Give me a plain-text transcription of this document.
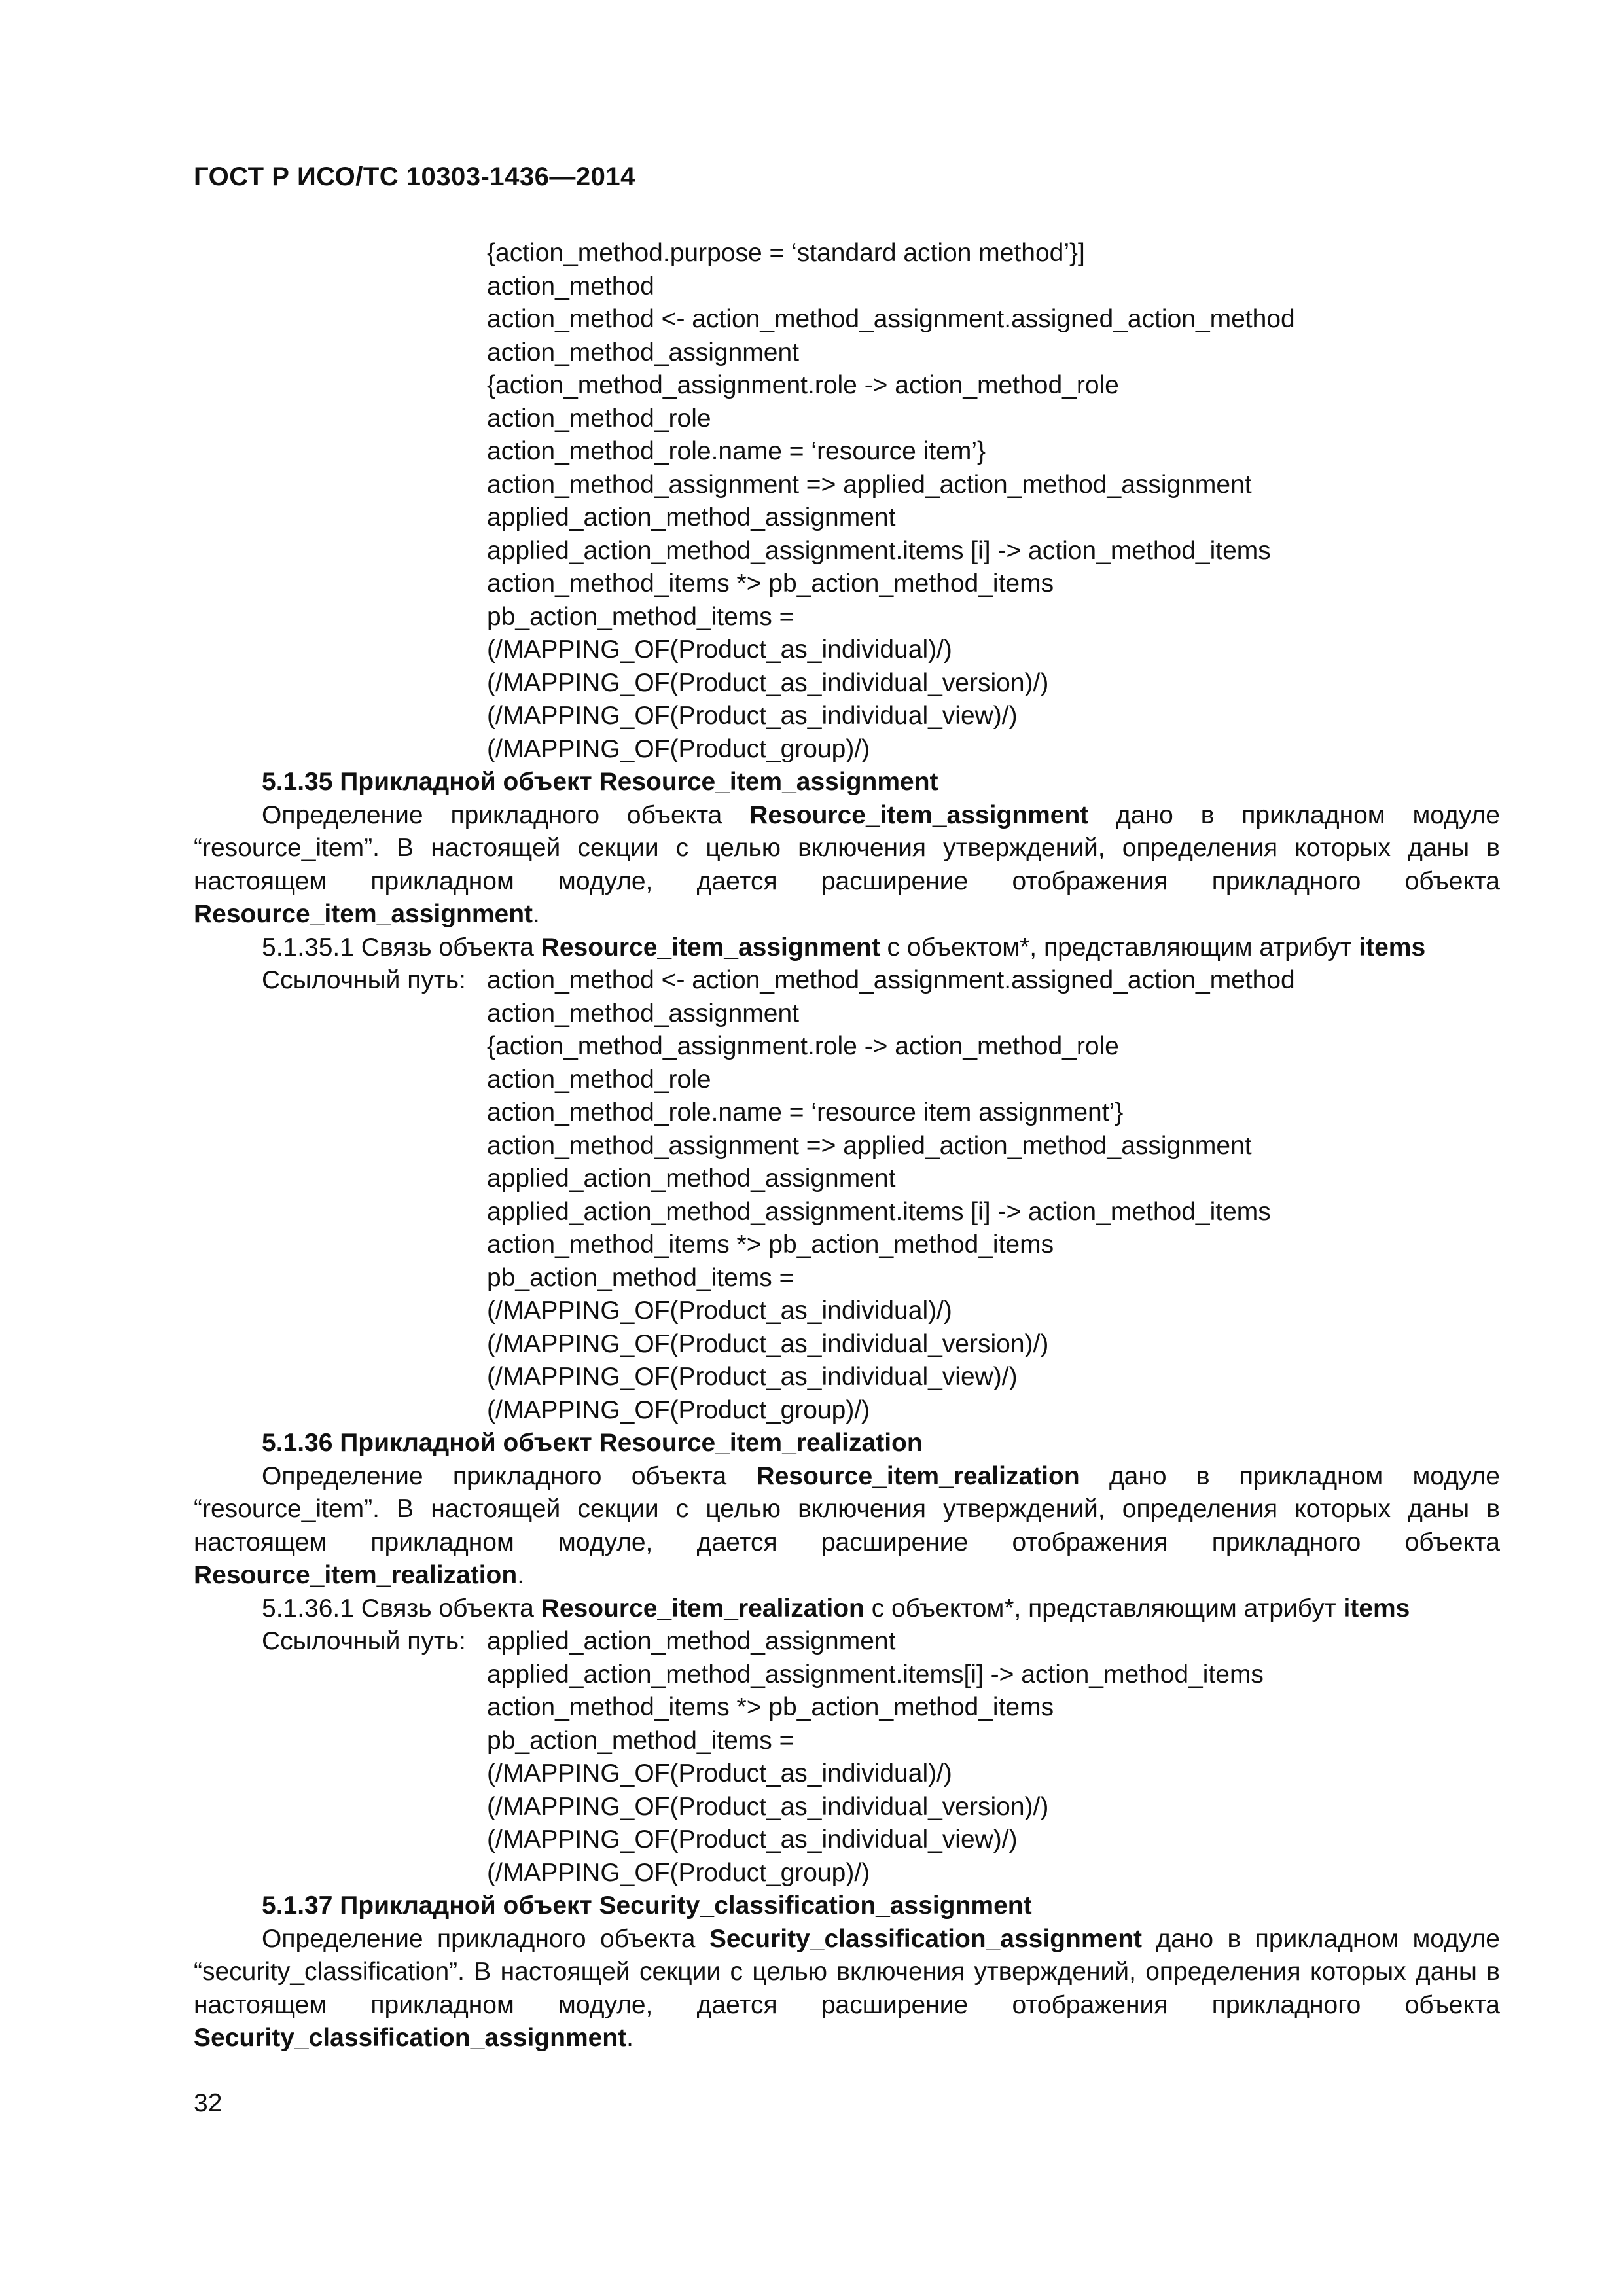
ГОСТ Р ИСО/ТС 10303-1436—2014
{action_method.purpose = ‘standard action method’}]
action_method
action_method <- action_method_assignment.assigned_action_method
action_method_assignment
{action_method_assignment.role -> action_method_role
action_method_role
action_method_role.name = ‘resource item’}
action_method_assignment => applied_action_method_assignment
applied_action_method_assignment
applied_action_method_assignment.items [i] -> action_method_items
action_method_items *> pb_action_method_items
pb_action_method_items =
(/MAPPING_OF(Product_as_individual)/)
(/MAPPING_OF(Product_as_individual_version)/)
(/MAPPING_OF(Product_as_individual_view)/)
(/MAPPING_OF(Product_group)/)
5.1.35 Прикладной объект Resource_item_assignment
Определение прикладного объекта Resource_item_assignment дано в прикладном модуле “resource_item”. В настоящей секции с целью включения утверждений, определения которых даны в настоящем прикладном модуле, дается расширение отображения прикладного объекта Resource_item_assignment.
5.1.35.1 Связь объекта Resource_item_assignment с объектом*, представляющим атрибут items
Ссылочный путь: action_method <- action_method_assignment.assigned_action_method
action_method_assignment
{action_method_assignment.role -> action_method_role
action_method_role
action_method_role.name = ‘resource item assignment’}
action_method_assignment => applied_action_method_assignment
applied_action_method_assignment
applied_action_method_assignment.items [i] -> action_method_items
action_method_items *> pb_action_method_items
pb_action_method_items =
(/MAPPING_OF(Product_as_individual)/)
(/MAPPING_OF(Product_as_individual_version)/)
(/MAPPING_OF(Product_as_individual_view)/)
(/MAPPING_OF(Product_group)/)
5.1.36 Прикладной объект Resource_item_realization
Определение прикладного объекта Resource_item_realization дано в прикладном модуле “resource_item”. В настоящей секции с целью включения утверждений, определения которых даны в настоящем прикладном модуле, дается расширение отображения прикладного объекта Resource_item_realization.
5.1.36.1 Связь объекта Resource_item_realization с объектом*, представляющим атрибут items
Ссылочный путь: applied_action_method_assignment
applied_action_method_assignment.items[i] -> action_method_items
action_method_items *> pb_action_method_items
pb_action_method_items =
(/MAPPING_OF(Product_as_individual)/)
(/MAPPING_OF(Product_as_individual_version)/)
(/MAPPING_OF(Product_as_individual_view)/)
(/MAPPING_OF(Product_group)/)
5.1.37 Прикладной объект Security_classification_assignment
Определение прикладного объекта Security_classification_assignment дано в прикладном модуле “security_classification”. В настоящей секции с целью включения утверждений, определения которых даны в настоящем прикладном модуле, дается расширение отображения прикладного объекта Security_classification_assignment.
32
